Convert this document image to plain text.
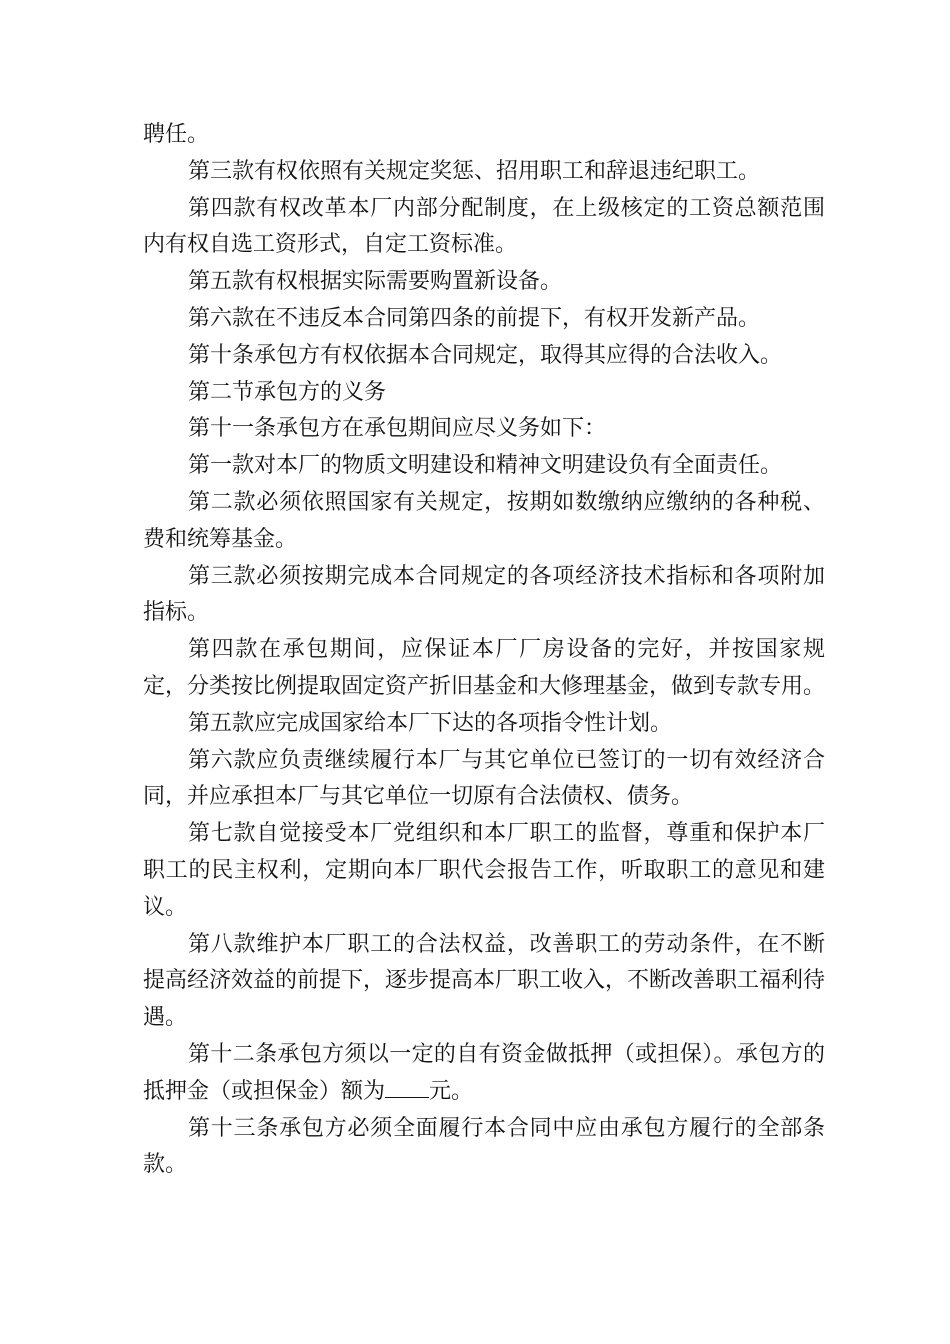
聘任。

第三款有权依照有关规定奖惩、招用职工和辞退违纪职工。

第四款有权改革本厂内部分配制度，在上级核定的工资总额范围内有权自选工资形式，自定工资标准。

第五款有权根据实际需要购置新设备。

第六款在不违反本合同第四条的前提下，有权开发新产品。

第十条承包方有权依据本合同规定，取得其应得的合法收入。

第二节承包方的义务

第十一条承包方在承包期间应尽义务如下：

第一款对本厂的物质文明建设和精神文明建设负有全面责任。

第二款必须依照国家有关规定，按期如数缴纳应缴纳的各种税、费和统筹基金。

第三款必须按期完成本合同规定的各项经济技术指标和各项附加指标。

第四款在承包期间，应保证本厂厂房设备的完好，并按国家规定，分类按比例提取固定资产折旧基金和大修理基金，做到专款专用。

第五款应完成国家给本厂下达的各项指令性计划。

第六款应负责继续履行本厂与其它单位已签订的一切有效经济合同，并应承担本厂与其它单位一切原有合法债权、债务。

第七款自觉接受本厂党组织和本厂职工的监督，尊重和保护本厂职工的民主权利，定期向本厂职代会报告工作，听取职工的意见和建议。

第八款维护本厂职工的合法权益，改善职工的劳动条件，在不断提高经济效益的前提下，逐步提高本厂职工收入，不断改善职工福利待遇。

第十二条承包方须以一定的自有资金做抵押（或担保）。承包方的抵押金（或担保金）额为 元。

第十三条承包方必须全面履行本合同中应由承包方履行的全部条款。
